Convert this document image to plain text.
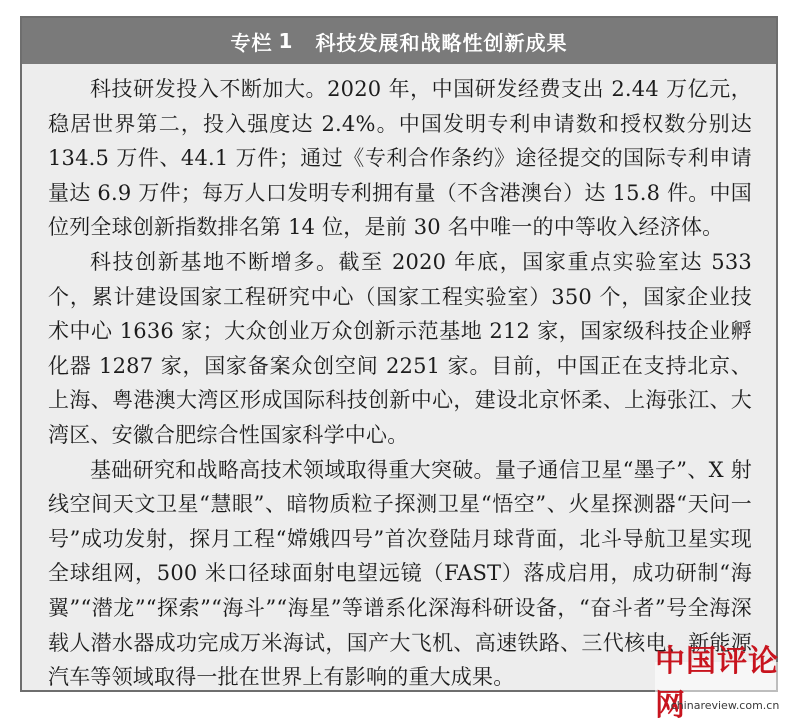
专栏 1 科技发展和战略性创新成果

科技研发投入不断加大。2020 年，中国研发经费支出 2.44 万亿元，稳居世界第二，投入强度达 2.4%。中国发明专利申请数和授权数分别达 134.5 万件、44.1 万件；通过《专利合作条约》途径提交的国际专利申请量达 6.9 万件；每万人口发明专利拥有量（不含港澳台）达 15.8 件。中国位列全球创新指数排名第 14 位，是前 30 名中唯一的中等收入经济体。

科技创新基地不断增多。截至 2020 年底，国家重点实验室达 533 个，累计建设国家工程研究中心（国家工程实验室）350 个，国家企业技术中心 1636 家；大众创业万众创新示范基地 212 家，国家级科技企业孵化器 1287 家，国家备案众创空间 2251 家。目前，中国正在支持北京、上海、粤港澳大湾区形成国际科技创新中心，建设北京怀柔、上海张江、大湾区、安徽合肥综合性国家科学中心。

基础研究和战略高技术领域取得重大突破。量子通信卫星“墨子”、X 射线空间天文卫星“慧眼”、暗物质粒子探测卫星“悟空”、火星探测器“天问一号”成功发射，探月工程“嫦娥四号”首次登陆月球背面，北斗导航卫星实现全球组网，500 米口径球面射电望远镜（FAST）落成启用，成功研制“海翼”“潜龙”“探索”“海斗”“海星”等谱系化深海科研设备，“奋斗者”号全海深载人潜水器成功完成万米海试，国产大飞机、高速铁路、三代核电、新能源汽车等领域取得一批在世界上有影响的重大成果。	中国评论网
chinareview.com.cn
